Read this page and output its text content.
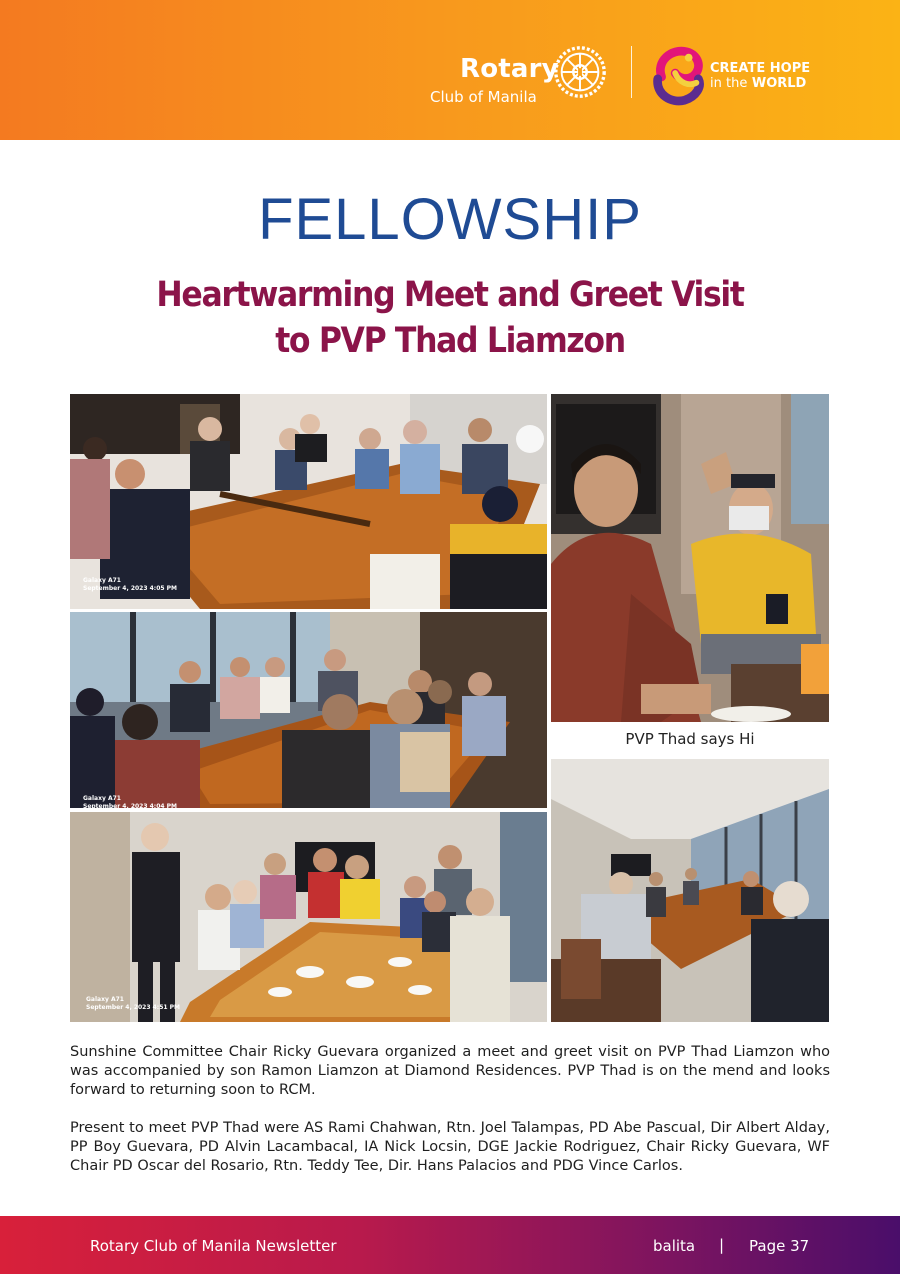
Rotary
Club of Manila
CREATE HOPE
in the WORLD
FELLOWSHIP
Heartwarming Meet and Greet Visit
to PVP Thad Liamzon
Galaxy A71
September 4, 2023 4:05 PM
PVP Thad says Hi
Galaxy A71
September 4, 2023 4:04 PM
Galaxy A71
September 4, 2023 4:51 PM

Sunshine Committee Chair Ricky Guevara organized a meet and greet visit on PVP Thad Liamzon who was accompanied by son Ramon Liamzon at Diamond Residences. PVP Thad is on the mend and looks forward to returning soon to RCM.

Present to meet PVP Thad were AS Rami Chahwan, Rtn. Joel Talampas, PD Abe Pascual, Dir Albert Alday, PP Boy Guevara, PD Alvin Lacambacal, IA Nick Locsin, DGE Jackie Rodriguez, Chair Ricky Guevara, WF Chair PD Oscar del Rosario, Rtn. Teddy Tee, Dir. Hans Palacios and PDG Vince Carlos.

Rotary Club of Manila Newsletter	balita | Page 37
